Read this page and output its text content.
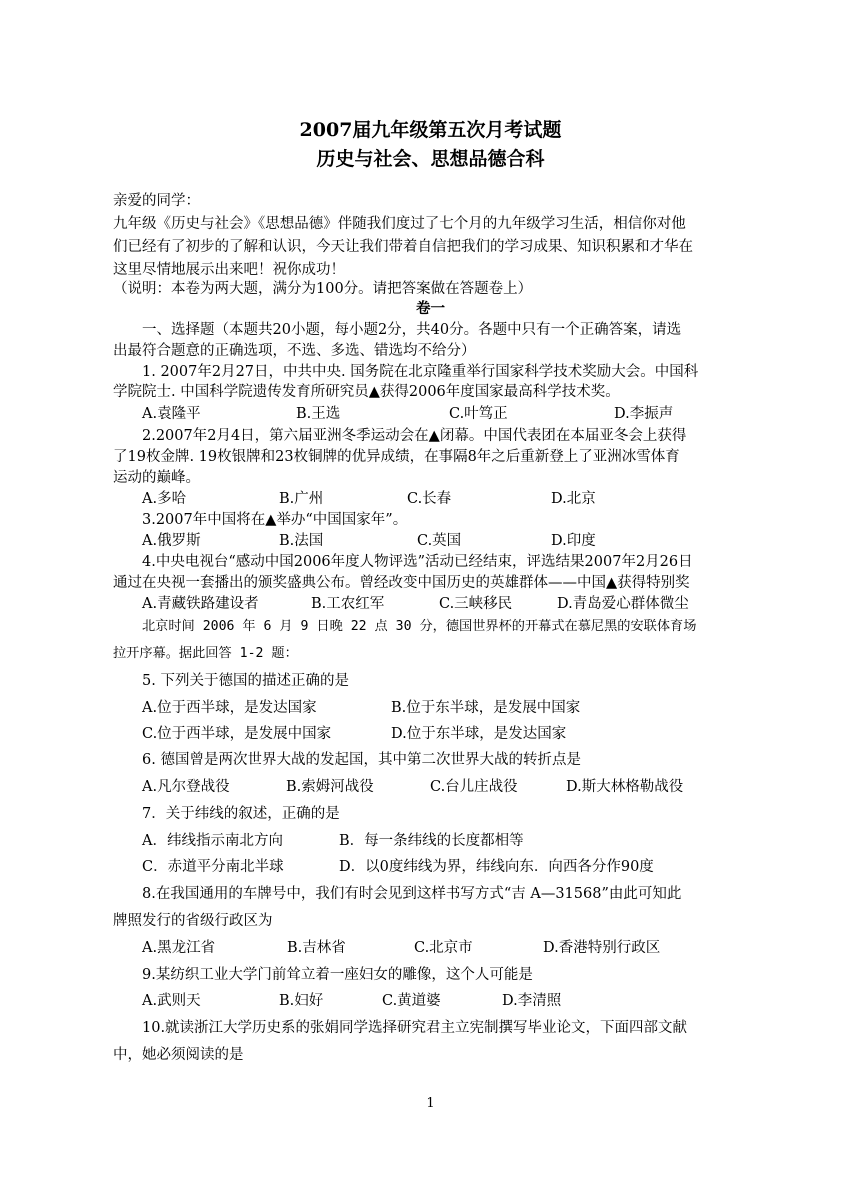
2007届九年级第五次月考试题
历史与社会、思想品德合科
亲爱的同学：
九年级《历史与社会》《思想品德》伴随我们度过了七个月的九年级学习生活，相信你对他
们已经有了初步的了解和认识，今天让我们带着自信把我们的学习成果、知识积累和才华在
这里尽情地展示出来吧！祝你成功！
（说明：本卷为两大题，满分为100分。请把答案做在答题卷上）
卷一
一、选择题（本题共20小题，每小题2分，共40分。各题中只有一个正确答案，请选
出最符合题意的正确选项，不选、多选、错选均不给分）
1. 2007年2月27日，中共中央. 国务院在北京隆重举行国家科学技术奖励大会。中国科
学院院士. 中国科学院遗传发育所研究员▲获得2006年度国家最高科学技术奖。
A.袁隆平	B.王选	C.叶笃正	D.李振声
2.2007年2月4日，第六届亚洲冬季运动会在▲闭幕。中国代表团在本届亚冬会上获得
了19枚金牌. 19枚银牌和23枚铜牌的优异成绩，在事隔8年之后重新登上了亚洲冰雪体育
运动的巅峰。
A.多哈	B.广州	C.长春	D.北京
3.2007年中国将在▲举办“中国国家年”。
A.俄罗斯	B.法国	C.英国	D.印度
4.中央电视台“感动中国2006年度人物评选”活动已经结束，评选结果2007年2月26日
通过在央视一套播出的颁奖盛典公布。曾经改变中国历史的英雄群体——中国▲获得特别奖
A.青藏铁路建设者	B.工农红军	C.三峡移民	D.青岛爱心群体微尘
北京时间 2006 年 6 月 9 日晚 22 点 30 分，德国世界杯的开幕式在慕尼黑的安联体育场
拉开序幕。据此回答 1-2 题：
5. 下列关于德国的描述正确的是
A.位于西半球，是发达国家	B.位于东半球，是发展中国家
C.位于西半球，是发展中国家	D.位于东半球，是发达国家
6. 德国曾是两次世界大战的发起国，其中第二次世界大战的转折点是
A.凡尔登战役	B.索姆河战役	C.台儿庄战役	D.斯大林格勒战役
7．关于纬线的叙述，正确的是
A．纬线指示南北方向	B．每一条纬线的长度都相等
C．赤道平分南北半球	D．以0度纬线为界，纬线向东．向西各分作90度
8.在我国通用的车牌号中，我们有时会见到这样书写方式“吉 A—31568”由此可知此
牌照发行的省级行政区为
A.黑龙江省	B.吉林省	C.北京市	D.香港特别行政区
9.某纺织工业大学门前耸立着一座妇女的雕像，这个人可能是
A.武则天	B.妇好	C.黄道婆	D.李清照
10.就读浙江大学历史系的张娟同学选择研究君主立宪制撰写毕业论文，下面四部文献
中，她必须阅读的是
1
